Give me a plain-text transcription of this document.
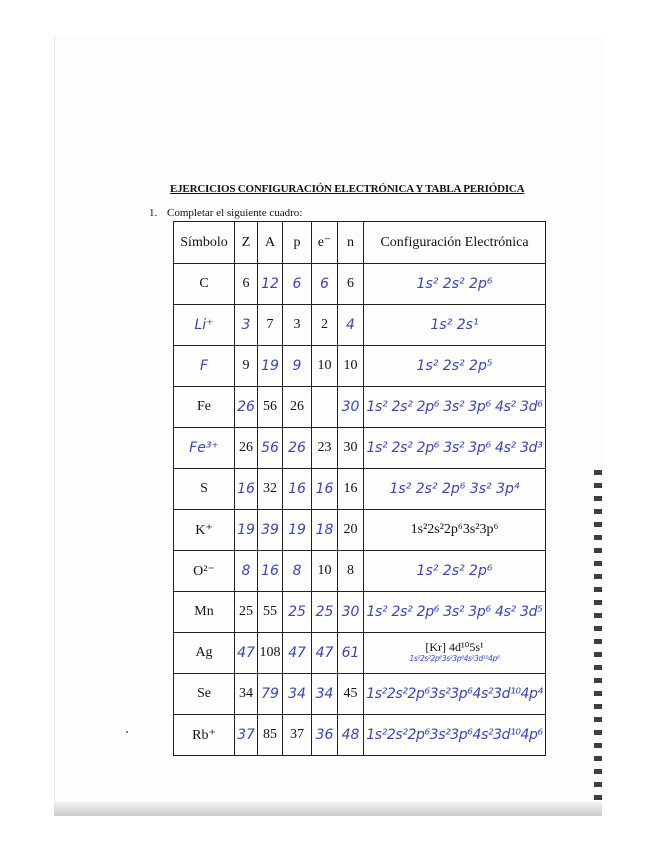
EJERCICIOS CONFIGURACIÓN ELECTRÓNICA Y TABLA PERIÓDICA
1. Completar el siguiente cuadro:
Símbolo	Z	A	p	e⁻	n	Configuración Electrónica
C	6	12	6	6	6	1s² 2s² 2p⁶
Li⁺	3	7	3	2	4	1s² 2s¹
F	9	19	9	10	10	1s² 2s² 2p⁵
Fe	26	56	26		30	1s² 2s² 2p⁶ 3s² 3p⁶ 4s² 3d⁶
Fe³⁺	26	56	26	23	30	1s² 2s² 2p⁶ 3s² 3p⁶ 4s² 3d³
S	16	32	16	16	16	1s² 2s² 2p⁶ 3s² 3p⁴
K⁺	19	39	19	18	20	1s²2s²2p⁶3s²3p⁶
O²⁻	8	16	8	10	8	1s² 2s² 2p⁶
Mn	25	55	25	25	30	1s² 2s² 2p⁶ 3s² 3p⁶ 4s² 3d⁵
Ag	47	108	47	47	61	[Kr] 4d¹⁰5s¹
1s²2s²2p⁶3s²3p⁶4s²3d¹⁰4p⁶

Se	34	79	34	34	45	1s²2s²2p⁶3s²3p⁶4s²3d¹⁰4p⁴
Rb⁺	37	85	37	36	48	1s²2s²2p⁶3s²3p⁶4s²3d¹⁰4p⁶
